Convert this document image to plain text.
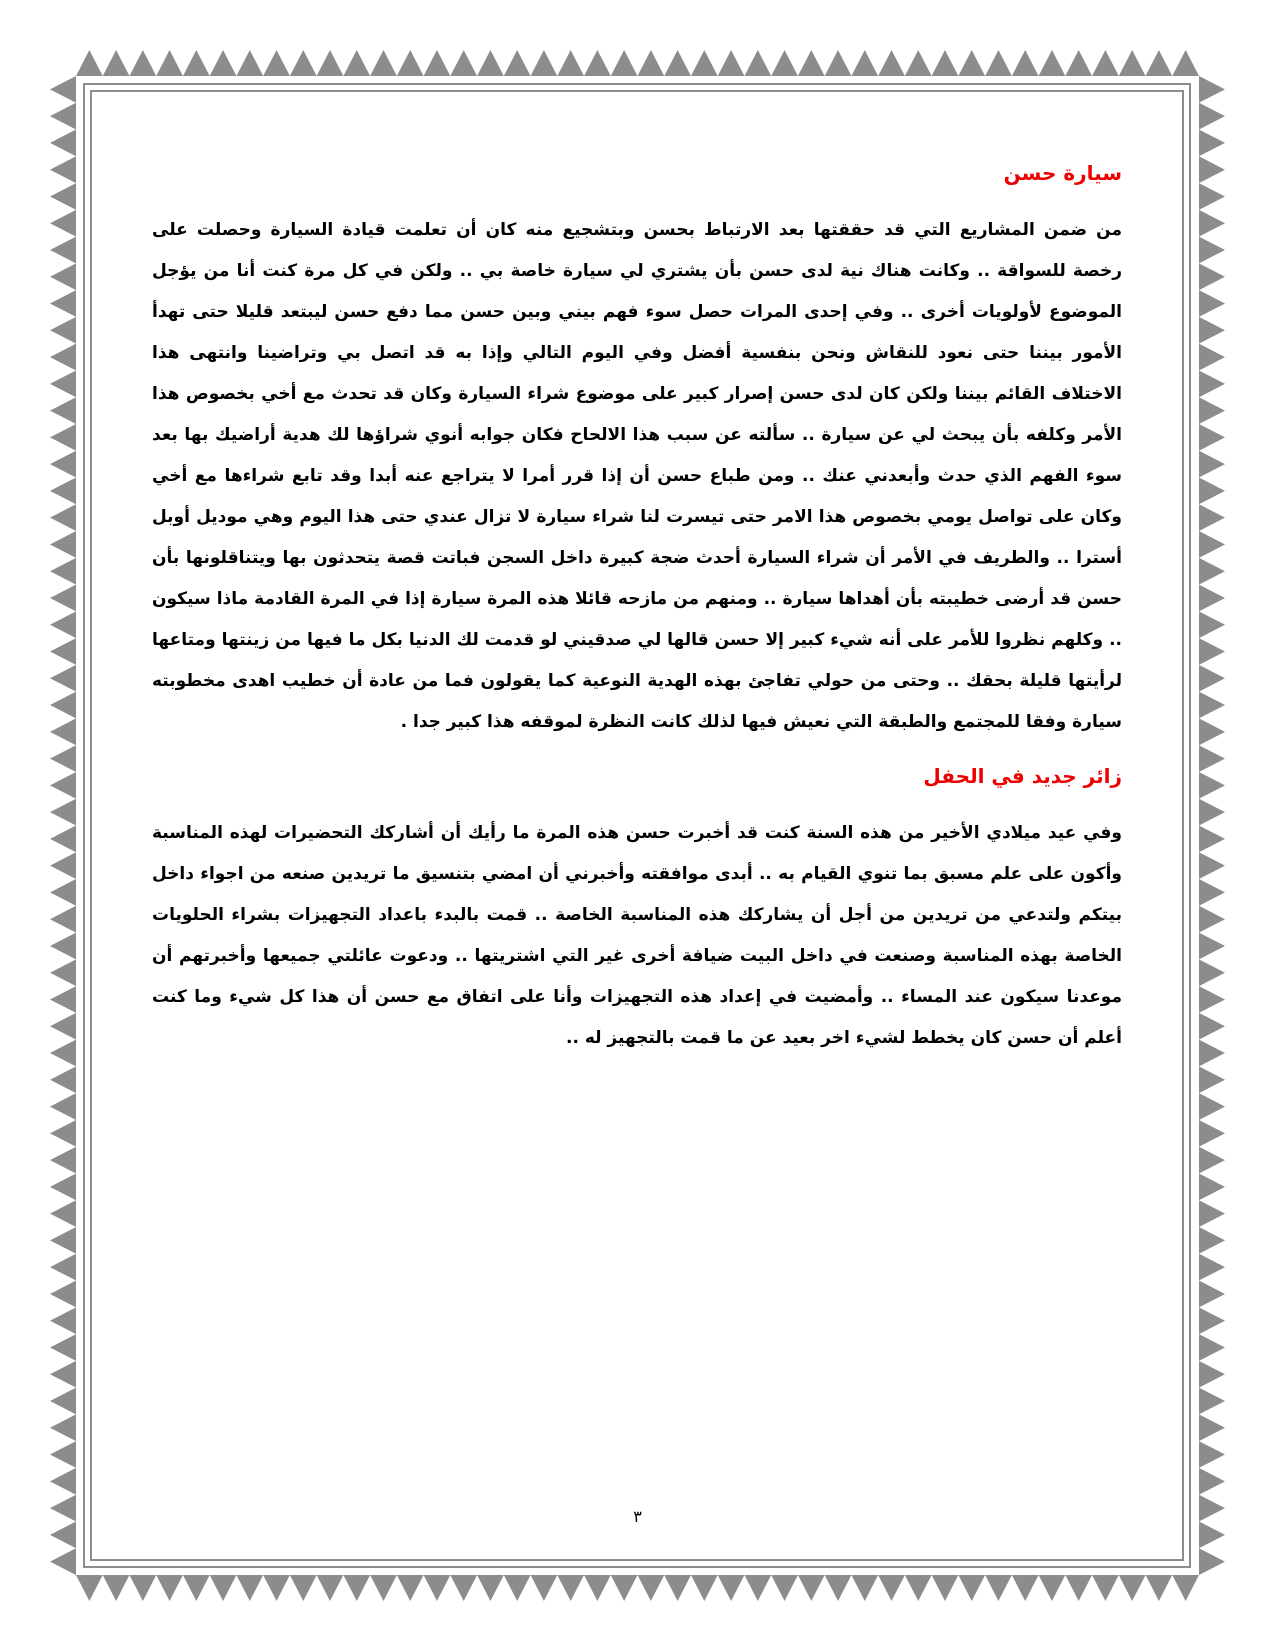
سيارة حسن

من ضمن المشاريع التي قد حققتها بعد الارتباط بحسن وبتشجيع منه كان أن تعلمت قيادة السيارة وحصلت على رخصة للسواقة .. وكانت هناك نية لدى حسن بأن يشتري لي سيارة خاصة بي .. ولكن في كل مرة كنت أنا من يؤجل الموضوع لأولويات أخرى .. وفي إحدى المرات حصل سوء فهم بيني وبين حسن مما دفع حسن ليبتعد قليلا حتى تهدأ الأمور بيننا حتى نعود للنقاش ونحن بنفسية أفضل وفي اليوم التالي وإذا به قد اتصل بي وتراضينا وانتهى هذا الاختلاف القائم بيننا ولكن كان لدى حسن إصرار كبير على موضوع شراء السيارة وكان قد تحدث مع أخي بخصوص هذا الأمر وكلفه بأن يبحث لي عن سيارة .. سألته عن سبب هذا الالحاح فكان جوابه أنوي شراؤها لك هدية أراضيك بها بعد سوء الفهم الذي حدث وأبعدني عنك .. ومن طباع حسن أن إذا قرر أمرا لا يتراجع عنه أبدا وقد تابع شراءها مع أخي وكان على تواصل يومي بخصوص هذا الامر حتى تيسرت لنا شراء سيارة لا تزال عندي حتى هذا اليوم وهي موديل أوبل أسترا .. والطريف في الأمر أن شراء السيارة أحدث ضجة كبيرة داخل السجن فباتت قصة يتحدثون بها ويتناقلونها بأن حسن قد أرضى خطيبته بأن أهداها سيارة .. ومنهم من مازحه قائلا هذه المرة سيارة إذا في المرة القادمة ماذا سيكون .. وكلهم نظروا للأمر على أنه شيء كبير إلا حسن قالها لي صدقيني لو قدمت لك الدنيا بكل ما فيها من زينتها ومتاعها لرأيتها قليلة بحقك .. وحتى من حولي تفاجئ بهذه الهدية النوعية كما يقولون فما من عادة أن خطيب اهدى مخطوبته سيارة وفقا للمجتمع والطبقة التي نعيش فيها لذلك كانت النظرة لموقفه هذا كبير جدا .

زائر جديد في الحفل

وفي عيد ميلادي الأخير من هذه السنة كنت قد أخبرت حسن هذه المرة ما رأيك أن أشاركك التحضيرات لهذه المناسبة وأكون على علم مسبق بما تنوي القيام به .. أبدى موافقته وأخبرني أن امضي بتنسيق ما تريدين صنعه من اجواء داخل بيتكم ولتدعي من تريدين من أجل أن يشاركك هذه المناسبة الخاصة .. قمت بالبدء باعداد التجهيزات بشراء الحلويات الخاصة بهذه المناسبة وصنعت في داخل البيت ضيافة أخرى غير التي اشتريتها .. ودعوت عائلتي جميعها وأخبرتهم أن موعدنا سيكون عند المساء .. وأمضيت في إعداد هذه التجهيزات وأنا على اتفاق مع حسن أن هذا كل شيء وما كنت أعلم أن حسن كان يخطط لشيء اخر بعيد عن ما قمت بالتجهيز له ..

٣
